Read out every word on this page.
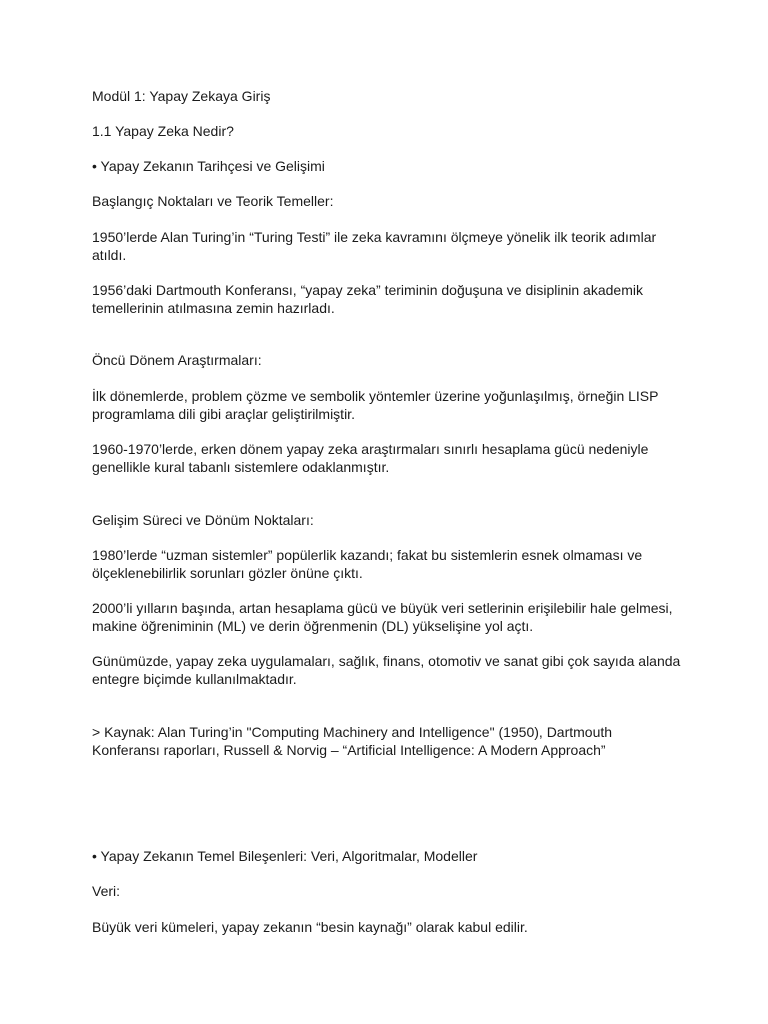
Modül 1: Yapay Zekaya Giriş

1.1 Yapay Zeka Nedir?

• Yapay Zekanın Tarihçesi ve Gelişimi

Başlangıç Noktaları ve Teorik Temeller:

1950’lerde Alan Turing’in “Turing Testi” ile zeka kavramını ölçmeye yönelik ilk teorik adımlar atıldı.

1956’daki Dartmouth Konferansı, “yapay zeka” teriminin doğuşuna ve disiplinin akademik temellerinin atılmasına zemin hazırladı.

Öncü Dönem Araştırmaları:

İlk dönemlerde, problem çözme ve sembolik yöntemler üzerine yoğunlaşılmış, örneğin LISP programlama dili gibi araçlar geliştirilmiştir.

1960-1970’lerde, erken dönem yapay zeka araştırmaları sınırlı hesaplama gücü nedeniyle genellikle kural tabanlı sistemlere odaklanmıştır.

Gelişim Süreci ve Dönüm Noktaları:

1980’lerde “uzman sistemler” popülerlik kazandı; fakat bu sistemlerin esnek olmaması ve ölçeklenebilirlik sorunları gözler önüne çıktı.

2000’li yılların başında, artan hesaplama gücü ve büyük veri setlerinin erişilebilir hale gelmesi, makine öğreniminin (ML) ve derin öğrenmenin (DL) yükselişine yol açtı.

Günümüzde, yapay zeka uygulamaları, sağlık, finans, otomotiv ve sanat gibi çok sayıda alanda entegre biçimde kullanılmaktadır.

> Kaynak: Alan Turing’in "Computing Machinery and Intelligence" (1950), Dartmouth Konferansı raporları, Russell & Norvig – “Artificial Intelligence: A Modern Approach”

• Yapay Zekanın Temel Bileşenleri: Veri, Algoritmalar, Modeller

Veri:

Büyük veri kümeleri, yapay zekanın “besin kaynağı” olarak kabul edilir.
